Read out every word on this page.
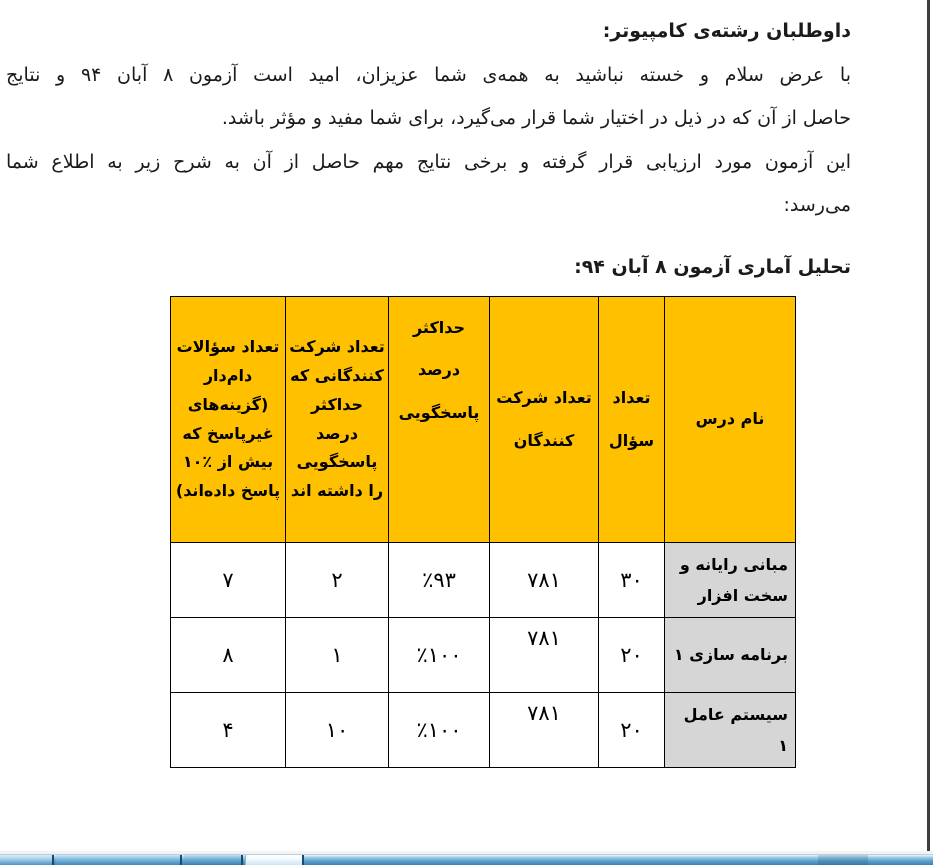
داوطلبان رشته‌ی کامپیوتر:
با عرض سلام و خسته نباشید به همه‌ی شما عزیزان، امید است آزمون ۸ آبان ۹۴ و نتایج
حاصل از آن که در ذیل در اختیار شما قرار می‌گیرد، برای شما مفید و مؤثر باشد.
این آزمون مورد ارزیابی قرار گرفته و برخی نتایج مهم حاصل از آن به شرح زیر به اطلاع شما
می‌رسد:
تحلیل آماری آزمون ۸ آبان ۹۴:
نام درس	تعداد سؤال	تعداد شرکت کنندگان	حداکثر درصد پاسخگویی	تعداد شرکت کنندگانی که حداکثر درصد پاسخگویی را داشته اند	تعداد سؤالات دام‌دار (گزینه‌های غیرپاسخ که بیش از ٪۱۰ پاسخ داده‌اند)
مبانی رایانه و سخت افزار	۳۰	۷۸۱	٪۹۳	۲	۷
برنامه سازی ۱	۲۰	۷۸۱	٪۱۰۰	۱	۸
سیستم عامل ۱	۲۰	۷۸۱	٪۱۰۰	۱۰	۴
